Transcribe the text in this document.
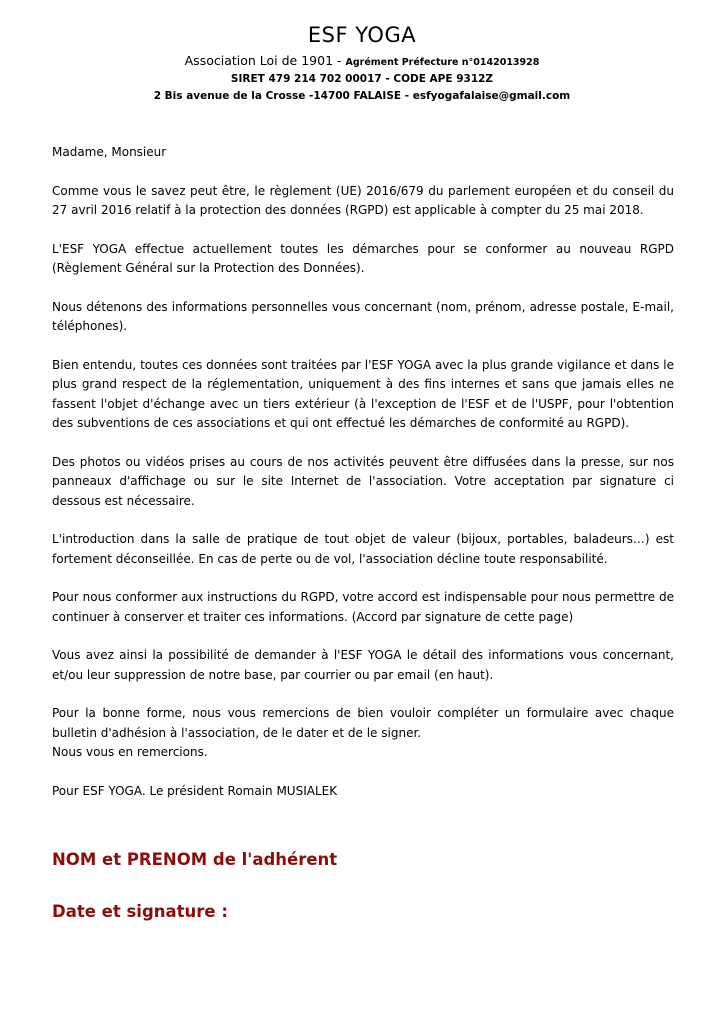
ESF YOGA
Association Loi de 1901 - Agrément Préfecture n°0142013928
SIRET 479 214 702 00017 - CODE APE 9312Z
2 Bis avenue de la Crosse -14700 FALAISE - esfyogafalaise@gmail.com

Madame, Monsieur

Comme vous le savez peut être, le règlement (UE) 2016/679 du parlement européen et du conseil du 27 avril 2016 relatif à la protection des données (RGPD) est applicable à compter du 25 mai 2018.

L'ESF YOGA effectue actuellement toutes les démarches pour se conformer au nouveau RGPD (Règlement Général sur la Protection des Données).

Nous détenons des informations personnelles vous concernant (nom, prénom, adresse postale, E-mail, téléphones).

Bien entendu, toutes ces données sont traitées par l'ESF YOGA avec la plus grande vigilance et dans le plus grand respect de la réglementation, uniquement à des fins internes et sans que jamais elles ne fassent l'objet d'échange avec un tiers extérieur (à l'exception de l'ESF et de l'USPF, pour l'obtention des subventions de ces associations et qui ont effectué les démarches de conformité au RGPD).

Des photos ou vidéos prises au cours de nos activités peuvent être diffusées dans la presse, sur nos panneaux d'affichage ou sur le site Internet de l'association. Votre acceptation par signature ci dessous est nécessaire.

L'introduction dans la salle de pratique de tout objet de valeur (bijoux, portables, baladeurs…) est fortement déconseillée. En cas de perte ou de vol, l'association décline toute responsabilité.

Pour nous conformer aux instructions du RGPD, votre accord est indispensable pour nous permettre de continuer à conserver et traiter ces informations. (Accord par signature de cette page)

Vous avez ainsi la possibilité de demander à l'ESF YOGA le détail des informations vous concernant, et/ou leur suppression de notre base, par courrier ou par email (en haut).

Pour la bonne forme, nous vous remercions de bien vouloir compléter un formulaire avec chaque bulletin d'adhésion à l'association, de le dater et de le signer.

Nous vous en remercions.

Pour ESF YOGA. Le président Romain MUSIALEK

NOM et PRENOM de l'adhérent
Date et signature :
